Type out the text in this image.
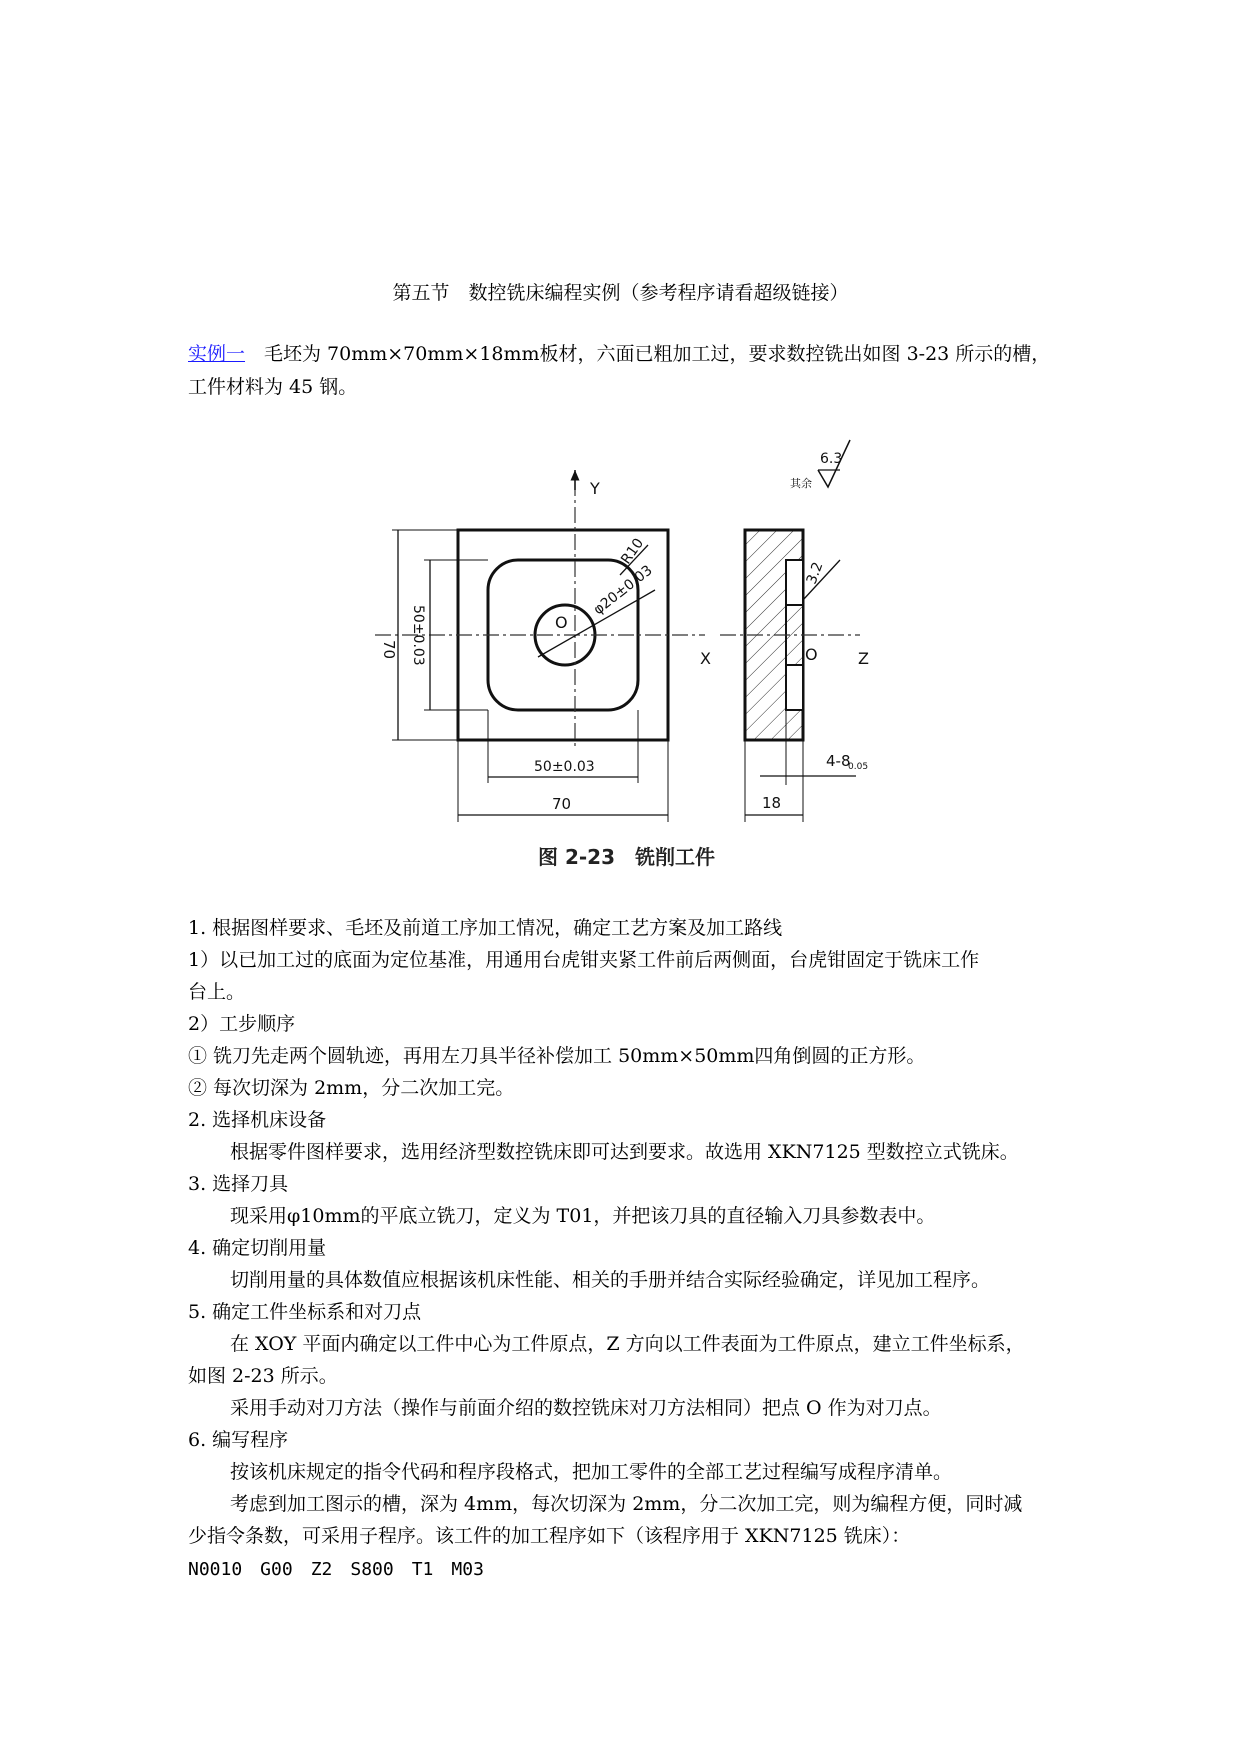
第五节　数控铣床编程实例（参考程序请看超级链接）
实例一　毛坯为 70mm×70mm×18mm板材，六面已粗加工过，要求数控铣出如图 3-23 所示的槽，
工件材料为 45 钢。
Y
X
O
R10
φ20±0.03
70 50±0.03
50±0.03
70
O	Z
3.2
18
4-8
0.05
6.3
其余
图 2-23　铣削工件
1. 根据图样要求、毛坯及前道工序加工情况，确定工艺方案及加工路线
1）以已加工过的底面为定位基准，用通用台虎钳夹紧工件前后两侧面，台虎钳固定于铣床工作
台上。
2）工步顺序
① 铣刀先走两个圆轨迹，再用左刀具半径补偿加工 50mm×50mm四角倒圆的正方形。
② 每次切深为 2mm，分二次加工完。
2. 选择机床设备
根据零件图样要求，选用经济型数控铣床即可达到要求。故选用 XKN7125 型数控立式铣床。
3. 选择刀具
现采用φ10mm的平底立铣刀，定义为 T01，并把该刀具的直径输入刀具参数表中。
4. 确定切削用量
切削用量的具体数值应根据该机床性能、相关的手册并结合实际经验确定，详见加工程序。
5. 确定工件坐标系和对刀点
在 XOY 平面内确定以工件中心为工件原点，Z 方向以工件表面为工件原点，建立工件坐标系，
如图 2-23 所示。
采用手动对刀方法（操作与前面介绍的数控铣床对刀方法相同）把点 O 作为对刀点。
6. 编写程序
按该机床规定的指令代码和程序段格式，把加工零件的全部工艺过程编写成程序清单。
考虑到加工图示的槽，深为 4mm，每次切深为 2mm，分二次加工完，则为编程方便，同时减
少指令条数，可采用子程序。该工件的加工程序如下（该程序用于 XKN7125 铣床）：
N0010　G00　Z2　S800　T1　M03
